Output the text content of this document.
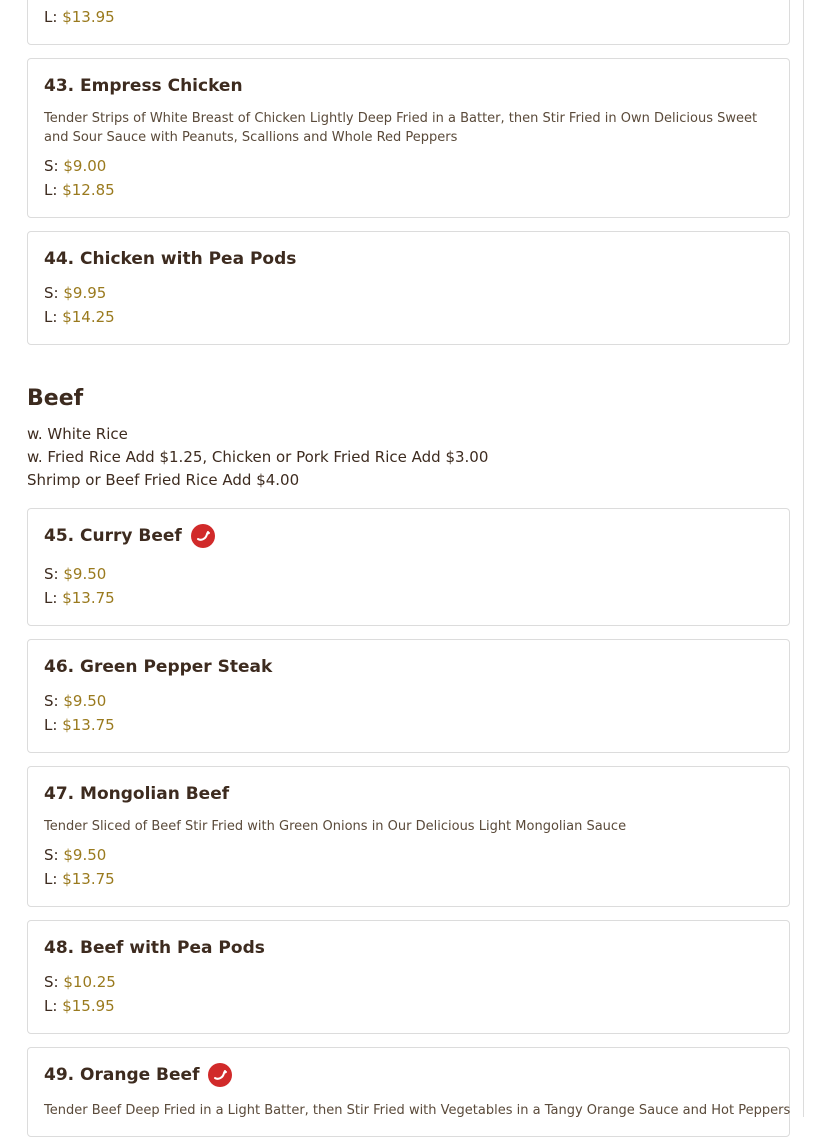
L: $13.95
43. Empress Chicken
Tender Strips of White Breast of Chicken Lightly Deep Fried in a Batter, then Stir Fried in Own Delicious Sweet and Sour Sauce with Peanuts, Scallions and Whole Red Peppers
S: $9.00
L: $12.85
44. Chicken with Pea Pods
S: $9.95
L: $14.25
Beef
w. White Rice
w. Fried Rice Add $1.25, Chicken or Pork Fried Rice Add $3.00
Shrimp or Beef Fried Rice Add $4.00
45. Curry Beef
S: $9.50
L: $13.75
46. Green Pepper Steak
S: $9.50
L: $13.75
47. Mongolian Beef
Tender Sliced of Beef Stir Fried with Green Onions in Our Delicious Light Mongolian Sauce
S: $9.50
L: $13.75
48. Beef with Pea Pods
S: $10.25
L: $15.95
49. Orange Beef
Tender Beef Deep Fried in a Light Batter, then Stir Fried with Vegetables in a Tangy Orange Sauce and Hot Peppers
